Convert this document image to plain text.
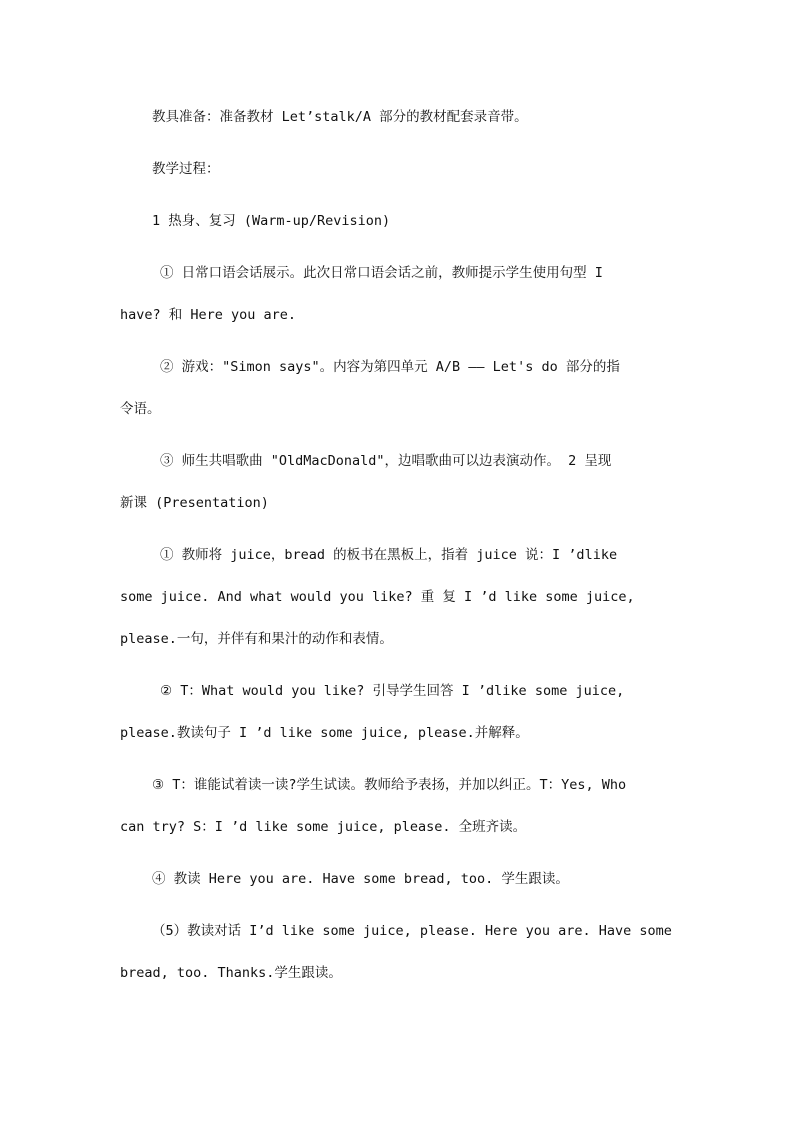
教具准备：准备教材 Let’stalk/A 部分的教材配套录音带。
教学过程：
1 热身、复习 (Warm-up/Revision)
① 日常口语会话展示。此次日常口语会话之前，教师提示学生使用句型 I
have? 和 Here you are.
② 游戏："Simon says"。内容为第四单元 A/B —— Let's do 部分的指
令语。
③ 师生共唱歌曲 "OldMacDonald"，边唱歌曲可以边表演动作。 2 呈现
新课 (Presentation)
① 教师将 juice，bread 的板书在黑板上，指着 juice 说：I ’dlike
some juice. And what would you like? 重 复 I ’d like some juice,
please.一句，并伴有和果汁的动作和表情。
② T：What would you like? 引导学生回答 I ’dlike some juice,
please.教读句子 I ’d like some juice, please.并解释。
③ T：谁能试着读一读?学生试读。教师给予表扬，并加以纠正。T：Yes, Who
can try? S：I ’d like some juice, please. 全班齐读。
④ 教读 Here you are. Have some bread, too. 学生跟读。
（5）教读对话 I’d like some juice, please. Here you are. Have some
bread, too. Thanks.学生跟读。
